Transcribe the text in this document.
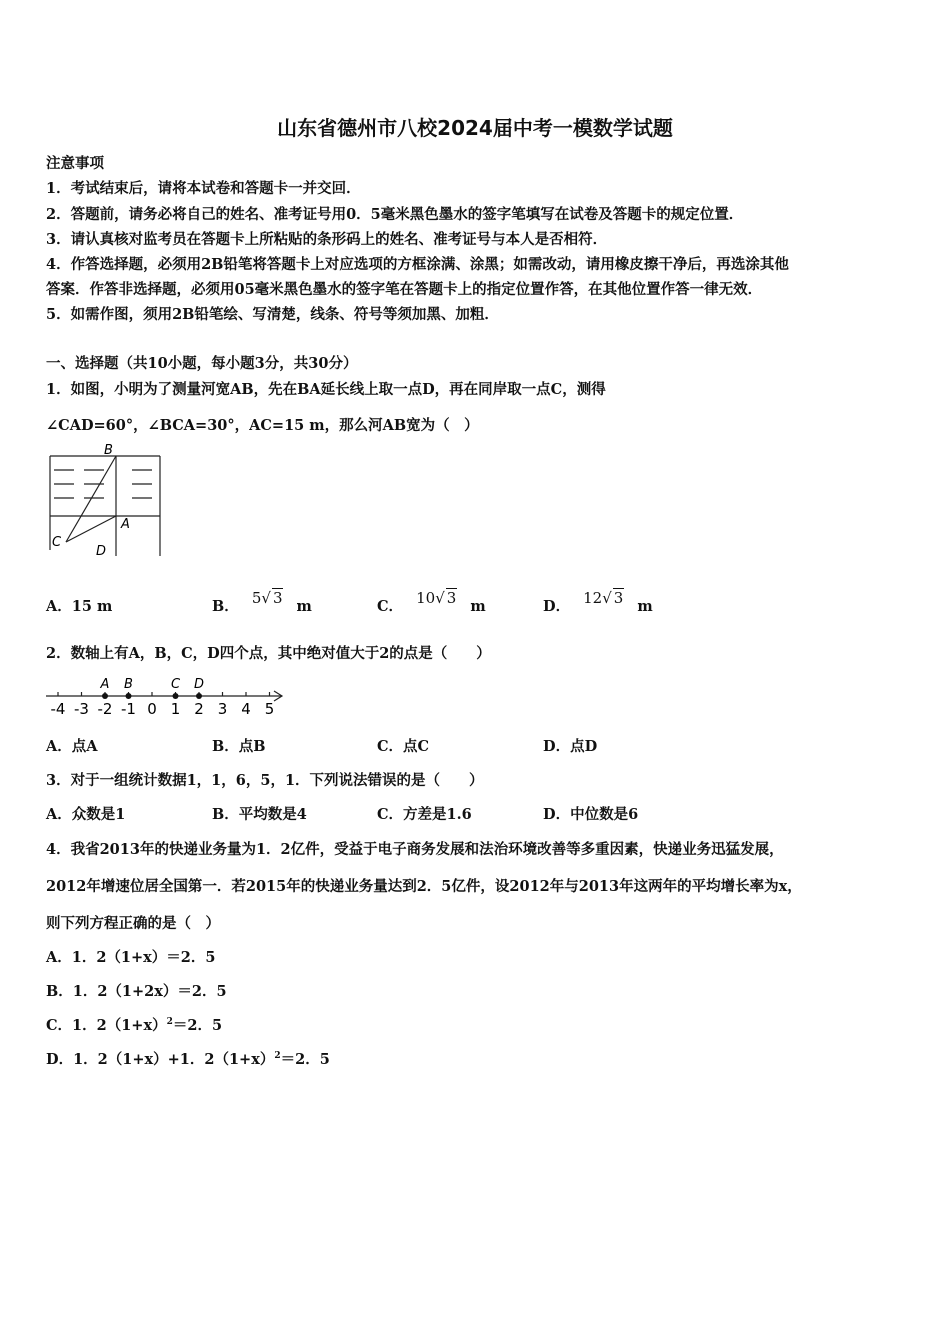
山东省德州市八校2024届中考一模数学试题
注意事项
1．考试结束后，请将本试卷和答题卡一并交回．
2．答题前，请务必将自己的姓名、准考证号用0．5毫米黑色墨水的签字笔填写在试卷及答题卡的规定位置．
3．请认真核对监考员在答题卡上所粘贴的条形码上的姓名、准考证号与本人是否相符．
4．作答选择题，必须用2B铅笔将答题卡上对应选项的方框涂满、涂黑；如需改动，请用橡皮擦干净后，再选涂其他
答案．作答非选择题，必须用05毫米黑色墨水的签字笔在答题卡上的指定位置作答，在其他位置作答一律无效．
5．如需作图，须用2B铅笔绘、写清楚，线条、符号等须加黑、加粗．
一、选择题（共10小题，每小题3分，共30分）
1．如图，小明为了测量河宽AB，先在BA延长线上取一点D，再在同岸取一点C，测得
∠CAD=60°，∠BCA=30°，AC=15 m，那么河AB宽为（　）
B
A
C
D
A．15 m	B． 5√ 3 m	C． 10√ 3 m	D． 12√ 3 m
2．数轴上有A，B，C，D四个点，其中绝对值大于2的点是（　　）
-4 -3 -2 -1 0 1 2 3 4 5
A B	C D
A．点A	B．点B	C．点C	D．点D
3．对于一组统计数据1，1，6，5，1．下列说法错误的是（　　）
A．众数是1	B．平均数是4	C．方差是1.6	D．中位数是6
4．我省2013年的快递业务量为1．2亿件，受益于电子商务发展和法治环境改善等多重因素，快递业务迅猛发展，
2012年增速位居全国第一．若2015年的快递业务量达到2．5亿件，设2012年与2013年这两年的平均增长率为x，
则下列方程正确的是（　）
A．1．2（1+x）＝2．5
B．1．2（1+2x）＝2．5
C．1．$2(1+x)^2=2$．5
D．1．2（1+x）+1．$2(1+x)^2=2$．5
